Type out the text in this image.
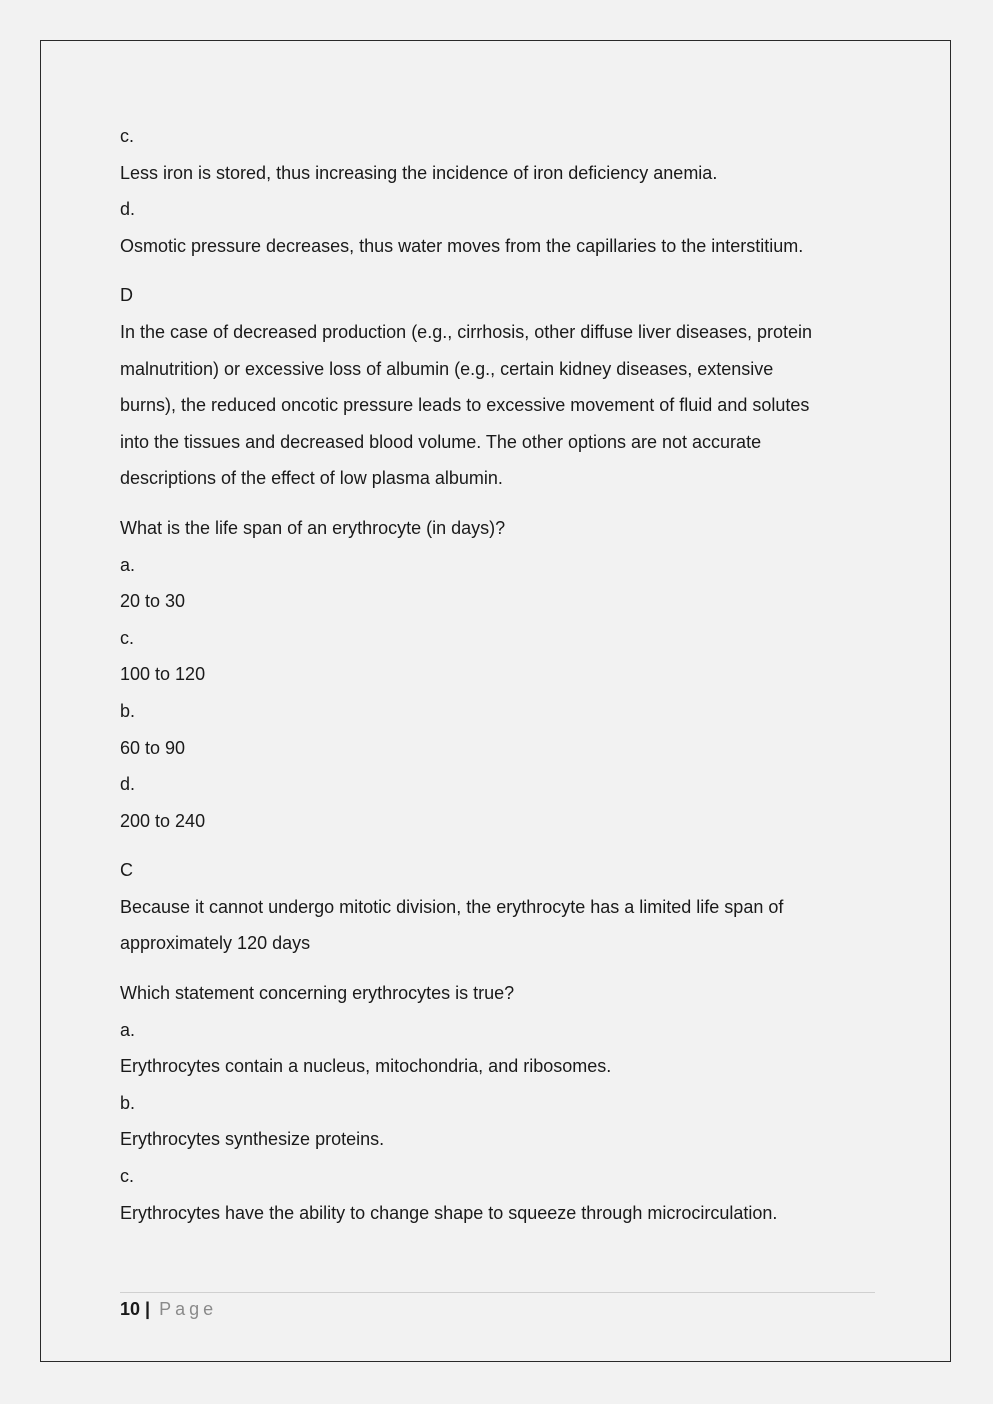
c.

Less iron is stored, thus increasing the incidence of iron deficiency anemia.

d.

Osmotic pressure decreases, thus water moves from the capillaries to the interstitium.

D

In the case of decreased production (e.g., cirrhosis, other diffuse liver diseases, protein

malnutrition) or excessive loss of albumin (e.g., certain kidney diseases, extensive

burns), the reduced oncotic pressure leads to excessive movement of fluid and solutes

into the tissues and decreased blood volume. The other options are not accurate

descriptions of the effect of low plasma albumin.

What is the life span of an erythrocyte (in days)?

a.

20 to 30

c.

100 to 120

b.

60 to 90

d.

200 to 240

C

Because it cannot undergo mitotic division, the erythrocyte has a limited life span of

approximately 120 days

Which statement concerning erythrocytes is true?

a.

Erythrocytes contain a nucleus, mitochondria, and ribosomes.

b.

Erythrocytes synthesize proteins.

c.

Erythrocytes have the ability to change shape to squeeze through microcirculation.

10 | Page
